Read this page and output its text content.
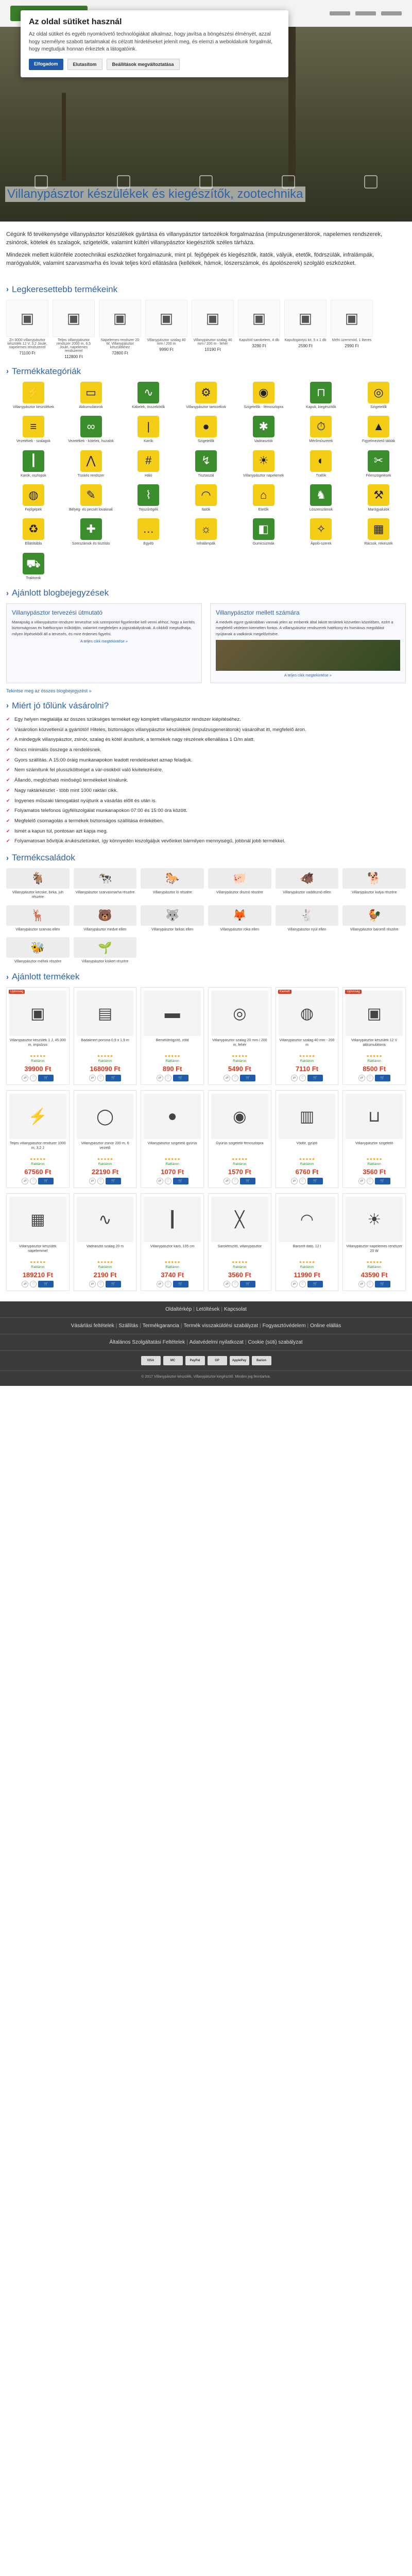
Az oldal sütiket használ

Az oldal sütiket és egyéb nyomkövető technológiákat alkalmaz, hogy javítsa a böngészési élményét, azzal hogy személyre szabott tartalmakat és célzott hirdetéseket jelenít meg, és elemzi a weboldalunk forgalmát, hogy megtudjuk honnan érkeztek a látogatóink.

Elfogadom	Elutasítom	Beállítások megváltoztatása
Villanypásztor készülékek és kiegészítők, zootechnika

Cégünk fő tevékenysége villanypásztor készülékek gyártása és villanypásztor tartozékok forgalmazása (impulzusgenerátorok, napelemes rendszerek, zsinórok, kötelek és szalagok, szigetelők, valamint kültéri villanypásztor kiegészítők széles tárháza.

Mindezek mellett különféle zootechnikai eszközöket forgalmazunk, mint pl. fejőgépek és kiegészítők, itatók, vályúk, etetők, födrszülák, infralámpák, marógyalulók, valamint szarvasmarha és lovak teljes körű ellátására (kellékek, hámok, lószerszámok, és ápolószerek) szolgáló eszközöket.

› Legkeresettebb termékeink
▣
Zn 3000 villanypásztor készülék 12 V, 3,2 Joule, napelemes rendszerrel
71100 Ft
▣
Teljes villanypásztor rendszer 2000 m, 6,5 Joule, napelemes rendszerrel
112800 Ft
▣
Napelemes rendszer 20 W, Villanypásztor készülékhez
72800 Ft
▣
Villanypásztor szalag 40 mm / 200 m
9990 Ft
▣
Villanypásztor szalag 40 mm / 200 m - fehér
10190 Ft
▣
Kapuhíd sarokelem, 4 db
3290 Ft
▣
Kapufogantyú kit, 5 x 1 db
2590 Ft
▣
Méhi üzemmód, 1 literes
2990 Ft
› Termékkategóriák
⚡
Villanypásztor készülékek
▭
Akkumulátorok
∿
Kábelek, összekötők
⚙
Villanypásztor tartozékok
◉
Szigetelők - fémoszlopra
⊓
Kapuk, kiegészítők
◎
Szigetelők
≡
Vezetékek - szalagok
∞
Vezetékek - kötelek, huzalok
|
Karók
●
Szigetelők
✱
Vadriasztók
⏱
Mérőműszerek
▲
Figyelmeztető táblák
┃
Karók, oszlopok
⋀
Tüskés rendszer
#
Háló
↯
Tisztaszál
☀
Villanypásztor napelemek
◐
Trafók
✂
Fémszögelések
◍
Fejőgépek
✎
Bélyeg- és pecsét lovaknak
⌇
Tejszűrögék
◠
Itatók
⌂
Etetők
♞
Lószerszámok
⚒
Marógyalulók
♻
Ellátótábla
✚
Szerszámok és tisztítás
…
Egyéb
☼
Infralámpák
◧
Gumicsizmák
✧
Ápoló-szerek
▦
Rácsok, rekeszek
⛟
Traktorok
› Ajánlott blogbejegyzések
Villanypásztor tervezési útmutató

Manapság a villanypásztor-rendszer tervezése sok szempontot figyelembe kell venni ahhoz, hogy a kerítés biztonságosan és hatékonyan működjön, valamint megfeleljen a jogszabályoknak. A cikkből megtudhatja, milyen lépésekből áll a tervezés, és mire érdemes figyelni.

A teljes cikk megtekintése »
Villanypásztor mellett számára

A medvék egyre gyakrabban vannak jelen az emberek által lakott területek közvetlen közelében, ezért a megfelelő védelem kiemelten fontos. A villanypásztor rendszerek hatékony és humánus megoldást nyújtanak a vadkárok megelőzésére.

A teljes cikk megtekintése »
Tekintse meg az összes blogbejegyzést »
› Miért jó tőlünk vásárolni?
✔ Egy helyen megtalálja az összes szükséges terméket egy komplett villanypásztor rendszer kiépítéséhez.
✔ Vásárolion közvetlenül a gyártótól! Hiteles, biztonságos villanypásztor készülékek (impulzusgenerátorok) vásárolhat itt, megfelelő áron.
✔ A mindegyik villanypásztor, zsinór, szalag és kötél árusítunk, a termékek nagy részének ellenállása 1 Ω/m alatt.
✔ Nincs minimális összege a rendelésnek.
✔ Gyors szállítás. A 15:00 óráig munkanapokon leadott rendeléseket aznap feladjuk.
✔ Nem számítunk fel plusszköltséget a vár-osokból való kivitelezésére.
✔ Állandó, megbízható minőségű termékeket kínálunk.
✔ Nagy raktárkészlet - több mint 1000 raktári cikk.
✔ Ingyenes műszaki támogatást nyújtunk a vásárlás előtt és után is.
✔ Folyamatos telefonos ügyfélszolgálat munkanapokon 07:00 és 15:00 óra között.
✔ Megfelelő csomagolás a termékek biztonságos szállítása érdekében.
✔ Ismét a kapun túl, pontosan azt kapja meg.
✔ Folyamatosan bővítjük árukészletünket, így könnyedén kiszolgáljuk vevőinket bármilyen mennyiségű, jobbnál jobb termékkel.
› Termékcsaládok
🐐
Villanypásztor kecske, birka, juh részére
🐄
Villanypásztor szarvasmarha részére
🐎
Villanypásztor ló részére
🐖
Villanypásztor disznó részére
🐗
Villanypásztor vaddisznó ellen
🐕
Villanypásztor kutya részére
🦌
Villanypásztor szarvas ellen
🐻
Villanypásztor medve ellen
🐺
Villanypásztor farkas ellen
🦊
Villanypásztor róka ellen
🐇
Villanypásztor nyúl ellen
🐓
Villanypásztor baromfi részére
🐝
Villanypásztor méhek részére
🌱
Villanypásztor kiskert részére
› Ajánlott termékek
Újdonság
▣
Villanypásztor készülék 1 J, 45.000 m, impulzus
★★★★★
Raktáron
39900 Ft
⇄	♡	🛒
▤
Bádaknert porcina 0,9 x 1,9 m
★★★★★
Raktáron
168090 Ft
⇄	♡	🛒
▬
Bemélőtrögzítő, zöld
★★★★★
Raktáron
890 Ft
⇄	♡	🛒
◎
Villanypásztor szalag 20 mm / 200 m, fehér
★★★★★
Raktáron
5490 Ft
⇄	♡	🛒
Kiemelt
◍
Villanypásztor szalag 40 mm - 200 m
★★★★★
Raktáron
7110 Ft
⇄	♡	🛒
Újdonság
▣
Villanypásztor készülék 12 V akkumulátorra
★★★★★
Raktáron
8500 Ft
⇄	♡	🛒
⚡
Teljes villanypásztor rendszer 1000 m, 3,2 J
★★★★★
Raktáron
67560 Ft
⇄	♡	🛒
◯
Villanypásztor zsinór 200 m, 6 vezető
★★★★★
Raktáron
22190 Ft
⇄	♡	🛒
●
Villanypásztor szigetelő gyűrűs
★★★★★
Raktáron
1070 Ft
⇄	♡	🛒
◉
Gyűrűs szigetelő fémoszlopra
★★★★★
Raktáron
1570 Ft
⇄	♡	🛒
▥
Vödör, gyűjtő
★★★★★
Raktáron
6760 Ft
⇄	♡	🛒
⊔
Villanypásztor szigetelő
★★★★★
Raktáron
3560 Ft
⇄	♡	🛒
▦
Villanypásztor készülék napelemmel
★★★★★
Raktáron
189210 Ft
⇄	♡	🛒
∿
Vadriasztó szalag 20 m
★★★★★
Raktáron
2190 Ft
⇄	♡	🛒
┃
Villanypásztor karó, 105 cm
★★★★★
Raktáron
3740 Ft
⇄	♡	🛒
╳
Sarokfeszítő, villanypásztor
★★★★★
Raktáron
3560 Ft
⇄	♡	🛒
◠
Baromfi itató, 12 l
★★★★★
Raktáron
11990 Ft
⇄	♡	🛒
☀
Villanypásztor napelemes rendszer 20 W
★★★★★
Raktáron
43590 Ft
⇄	♡	🛒
Oldaltérkép | Letöltések | Kapcsolat
Vásárlási feltételek | Szállítás | Termékgarancia | Termék visszaküldési szabályzat | Fogyasztóvédelem | Online elállás
Általános Szolgáltatási Feltételek | Adatvédelmi nyilatkozat | Cookie (süti) szabályzat
VISA	MC	PayPal	GP	ApplePay	Barion
© 2017 Villanypásztor készülék, Villanypásztor kiegészítő. Minden jog fenntartva.
